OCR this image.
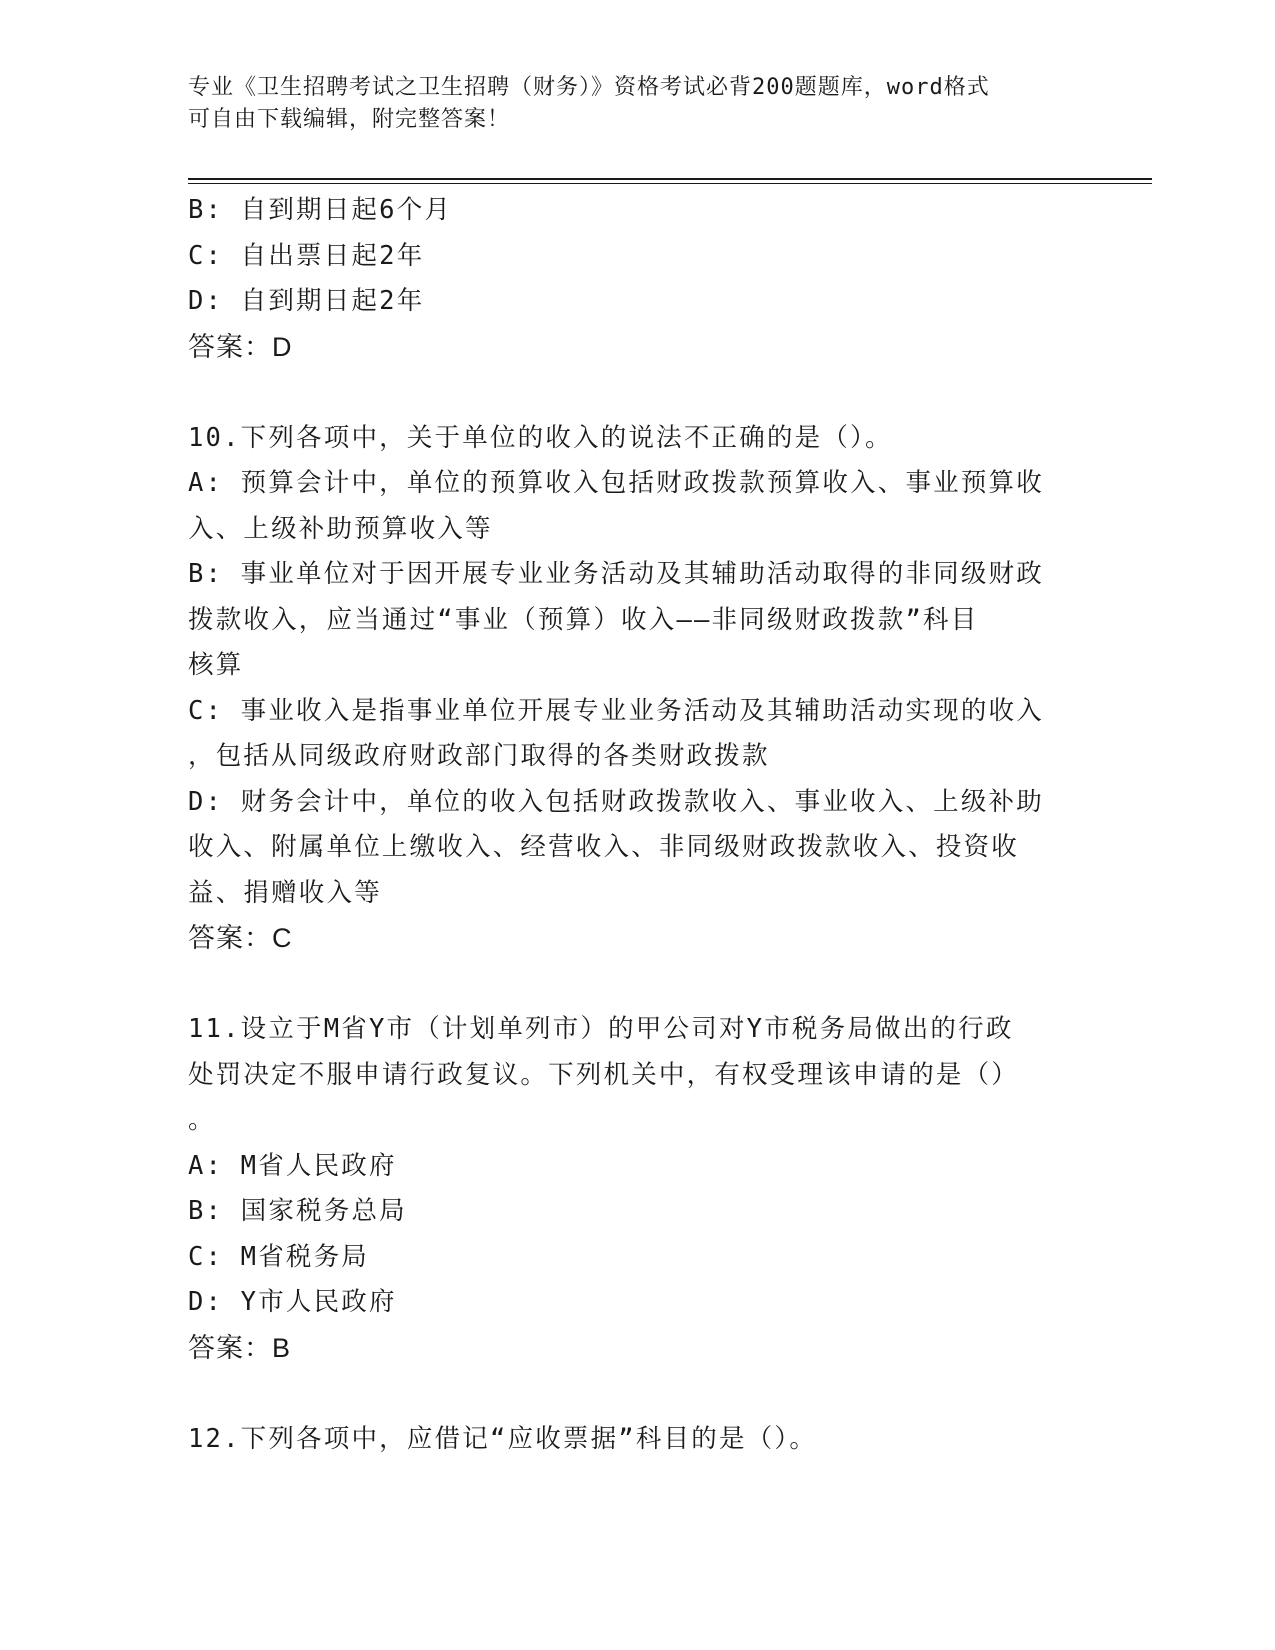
专业《卫生招聘考试之卫生招聘（财务）》资格考试必背200题题库，word格式

可自由下载编辑，附完整答案！

B: 自到期日起6个月

C: 自出票日起2年

D: 自到期日起2年

答案：D

10.下列各项中，关于单位的收入的说法不正确的是（）。

A: 预算会计中，单位的预算收入包括财政拨款预算收入、事业预算收

入、上级补助预算收入等

B: 事业单位对于因开展专业业务活动及其辅助活动取得的非同级财政

拨款收入，应当通过“事业（预算）收入——非同级财政拨款”科目

核算

C: 事业收入是指事业单位开展专业业务活动及其辅助活动实现的收入

，包括从同级政府财政部门取得的各类财政拨款

D: 财务会计中，单位的收入包括财政拨款收入、事业收入、上级补助

收入、附属单位上缴收入、经营收入、非同级财政拨款收入、投资收

益、捐赠收入等

答案：C

11.设立于M省Y市（计划单列市）的甲公司对Y市税务局做出的行政

处罚决定不服申请行政复议。下列机关中，有权受理该申请的是（）

。

A: M省人民政府

B: 国家税务总局

C: M省税务局

D: Y市人民政府

答案：B

12.下列各项中，应借记“应收票据”科目的是（）。
